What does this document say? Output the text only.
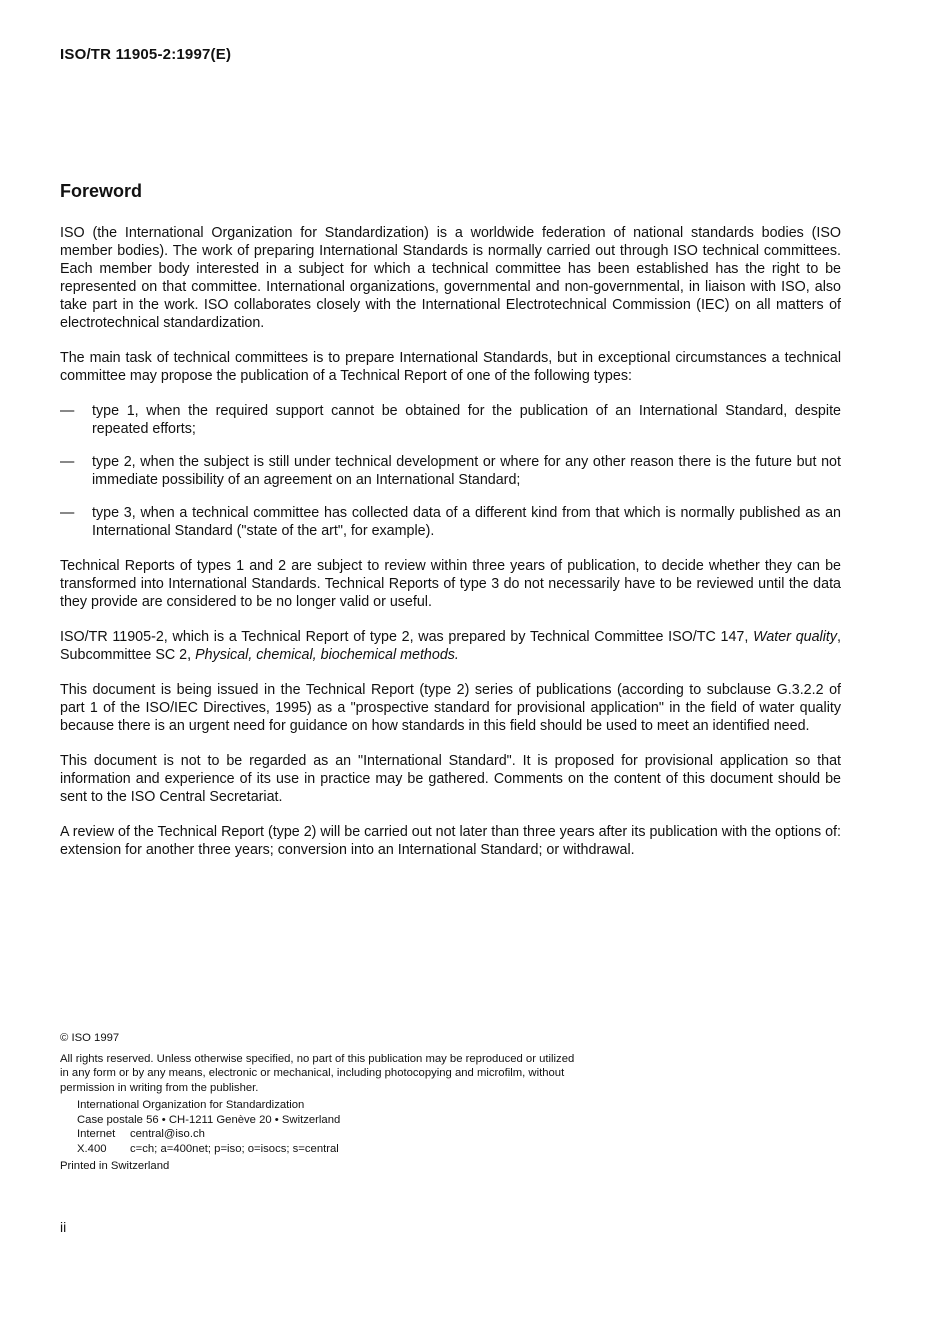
ISO/TR 11905-2:1997(E)
Foreword

ISO (the International Organization for Standardization) is a worldwide federation of national standards bodies (ISO member bodies). The work of preparing International Standards is normally carried out through ISO technical committees. Each member body interested in a subject for which a technical committee has been established has the right to be represented on that committee. International organizations, governmental and non-governmental, in liaison with ISO, also take part in the work. ISO collaborates closely with the International Electrotechnical Commission (IEC) on all matters of electrotechnical standardization.

The main task of technical committees is to prepare International Standards, but in exceptional circumstances a technical committee may propose the publication of a Technical Report of one of the following types:

— type 1, when the required support cannot be obtained for the publication of an International Standard, despite repeated efforts;
— type 2, when the subject is still under technical development or where for any other reason there is the future but not immediate possibility of an agreement on an International Standard;
— type 3, when a technical committee has collected data of a different kind from that which is normally published as an International Standard ("state of the art", for example).

Technical Reports of types 1 and 2 are subject to review within three years of publication, to decide whether they can be transformed into International Standards. Technical Reports of type 3 do not necessarily have to be reviewed until the data they provide are considered to be no longer valid or useful.

ISO/TR 11905-2, which is a Technical Report of type 2, was prepared by Technical Committee ISO/TC 147, Water quality, Subcommittee SC 2, Physical, chemical, biochemical methods.

This document is being issued in the Technical Report (type 2) series of publications (according to subclause G.3.2.2 of part 1 of the ISO/IEC Directives, 1995) as a "prospective standard for provisional application" in the field of water quality because there is an urgent need for guidance on how standards in this field should be used to meet an identified need.

This document is not to be regarded as an "International Standard". It is proposed for provisional application so that information and experience of its use in practice may be gathered. Comments on the content of this document should be sent to the ISO Central Secretariat.

A review of the Technical Report (type 2) will be carried out not later than three years after its publication with the options of: extension for another three years; conversion into an International Standard; or withdrawal.

© ISO 1997
All rights reserved. Unless otherwise specified, no part of this publication may be reproduced or utilized in any form or by any means, electronic or mechanical, including photocopying and microfilm, without permission in writing from the publisher.
International Organization for Standardization
Case postale 56 • CH-1211 Genève 20 • Switzerland
Internet central@iso.ch
X.400 c=ch; a=400net; p=iso; o=isocs; s=central
Printed in Switzerland
ii
